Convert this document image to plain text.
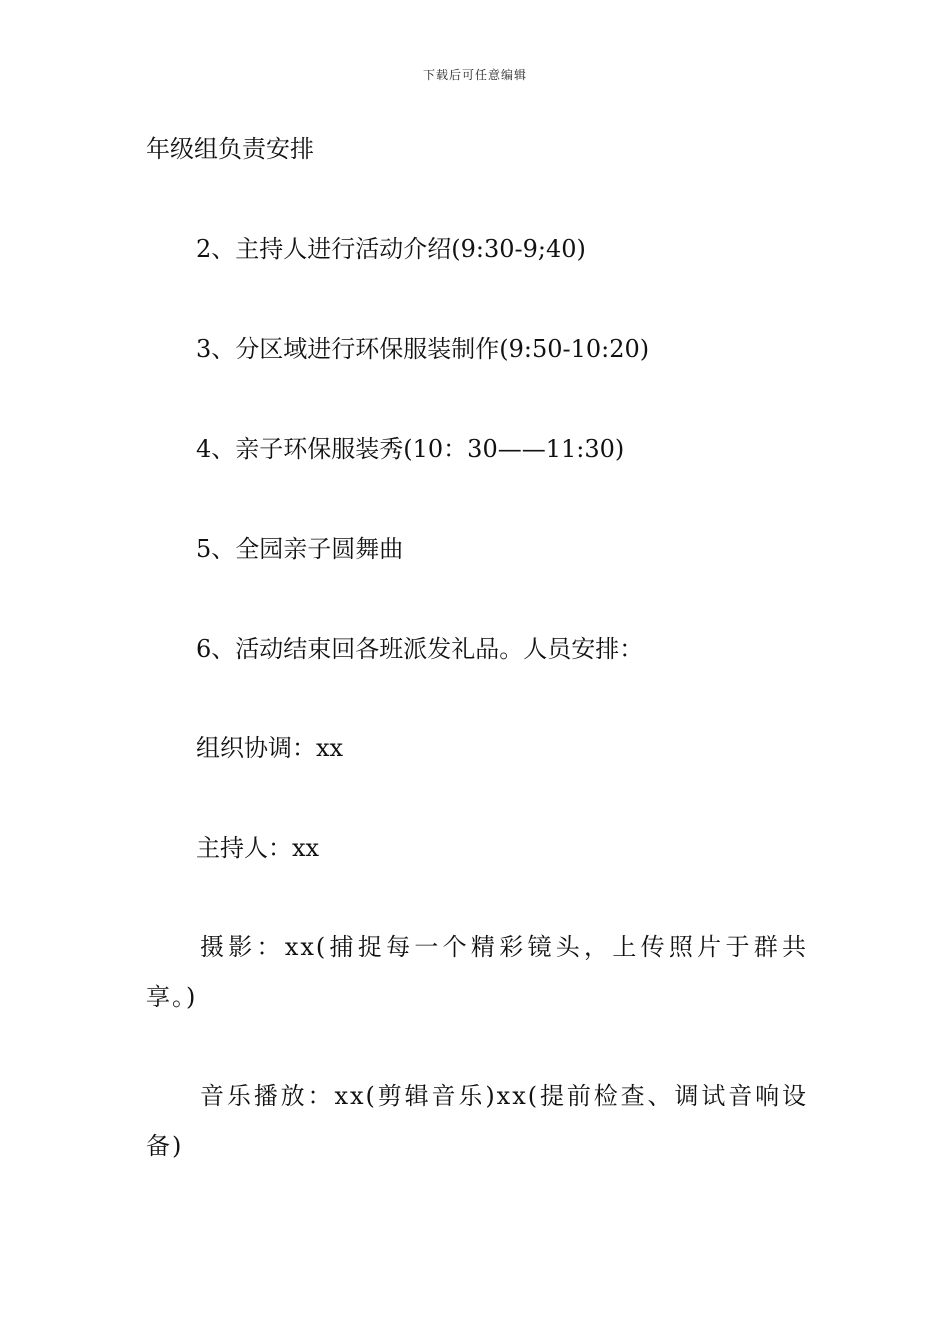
下载后可任意编辑
年级组负责安排
2、主持人进行活动介绍(9:30-9;40)
3、分区域进行环保服装制作(9:50-10:20)
4、亲子环保服装秀(10：30——11:30)
5、全园亲子圆舞曲
6、活动结束回各班派发礼品。人员安排：
组织协调：xx
主持人：xx
摄影：xx(捕捉每一个精彩镜头，上传照片于群共享。)
音乐播放：xx(剪辑音乐)xx(提前检查、调试音响设备)
